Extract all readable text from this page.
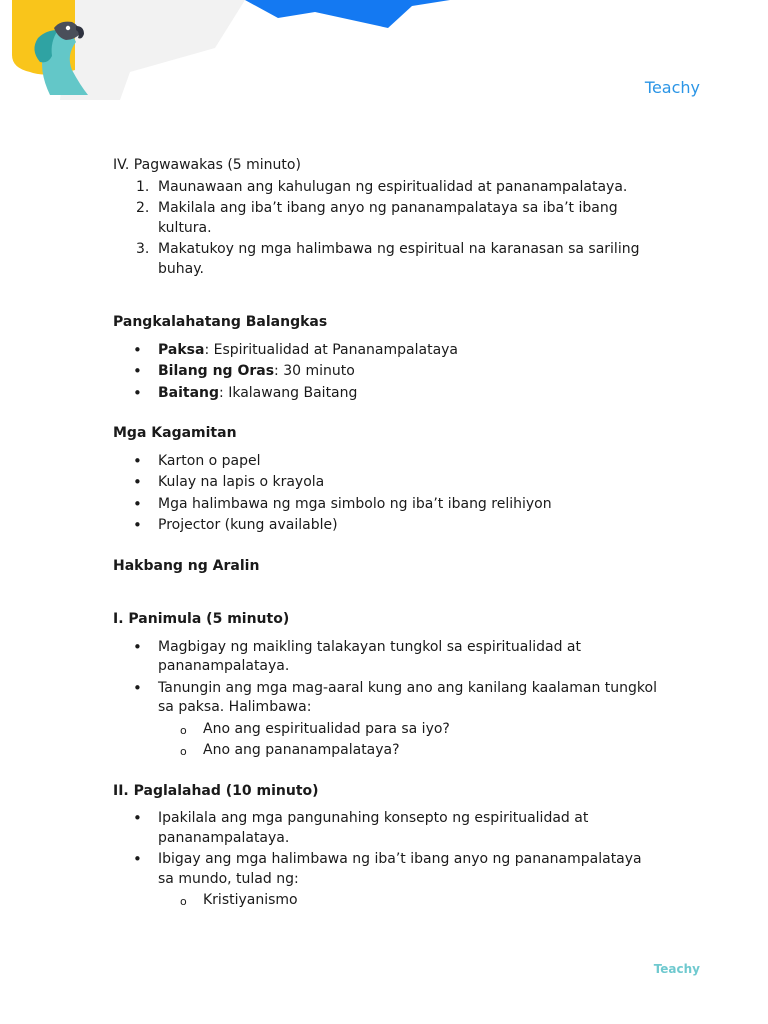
Teachy

IV. Pagwawakas (5 minuto)

1. Maunawaan ang kahulugan ng espiritualidad at pananampalataya.
2. Makilala ang iba’t ibang anyo ng pananampalataya sa iba’t ibang kultura.
3. Makatukoy ng mga halimbawa ng espiritual na karanasan sa sariling buhay.

Pangkalahatang Balangkas

• Paksa: Espiritualidad at Pananampalataya
• Bilang ng Oras: 30 minuto
• Baitang: Ikalawang Baitang

Mga Kagamitan

• Karton o papel
• Kulay na lapis o krayola
• Mga halimbawa ng mga simbolo ng iba’t ibang relihiyon
• Projector (kung available)

Hakbang ng Aralin

I. Panimula (5 minuto)

• Magbigay ng maikling talakayan tungkol sa espiritualidad at pananampalataya.
• Tanungin ang mga mag-aaral kung ano ang kanilang kaalaman tungkol sa paksa. Halimbawa:
o Ano ang espiritualidad para sa iyo?
o Ano ang pananampalataya?

II. Paglalahad (10 minuto)

• Ipakilala ang mga pangunahing konsepto ng espiritualidad at pananampalataya.
• Ibigay ang mga halimbawa ng iba’t ibang anyo ng pananampalataya sa mundo, tulad ng:
o Kristiyanismo
Teachy
